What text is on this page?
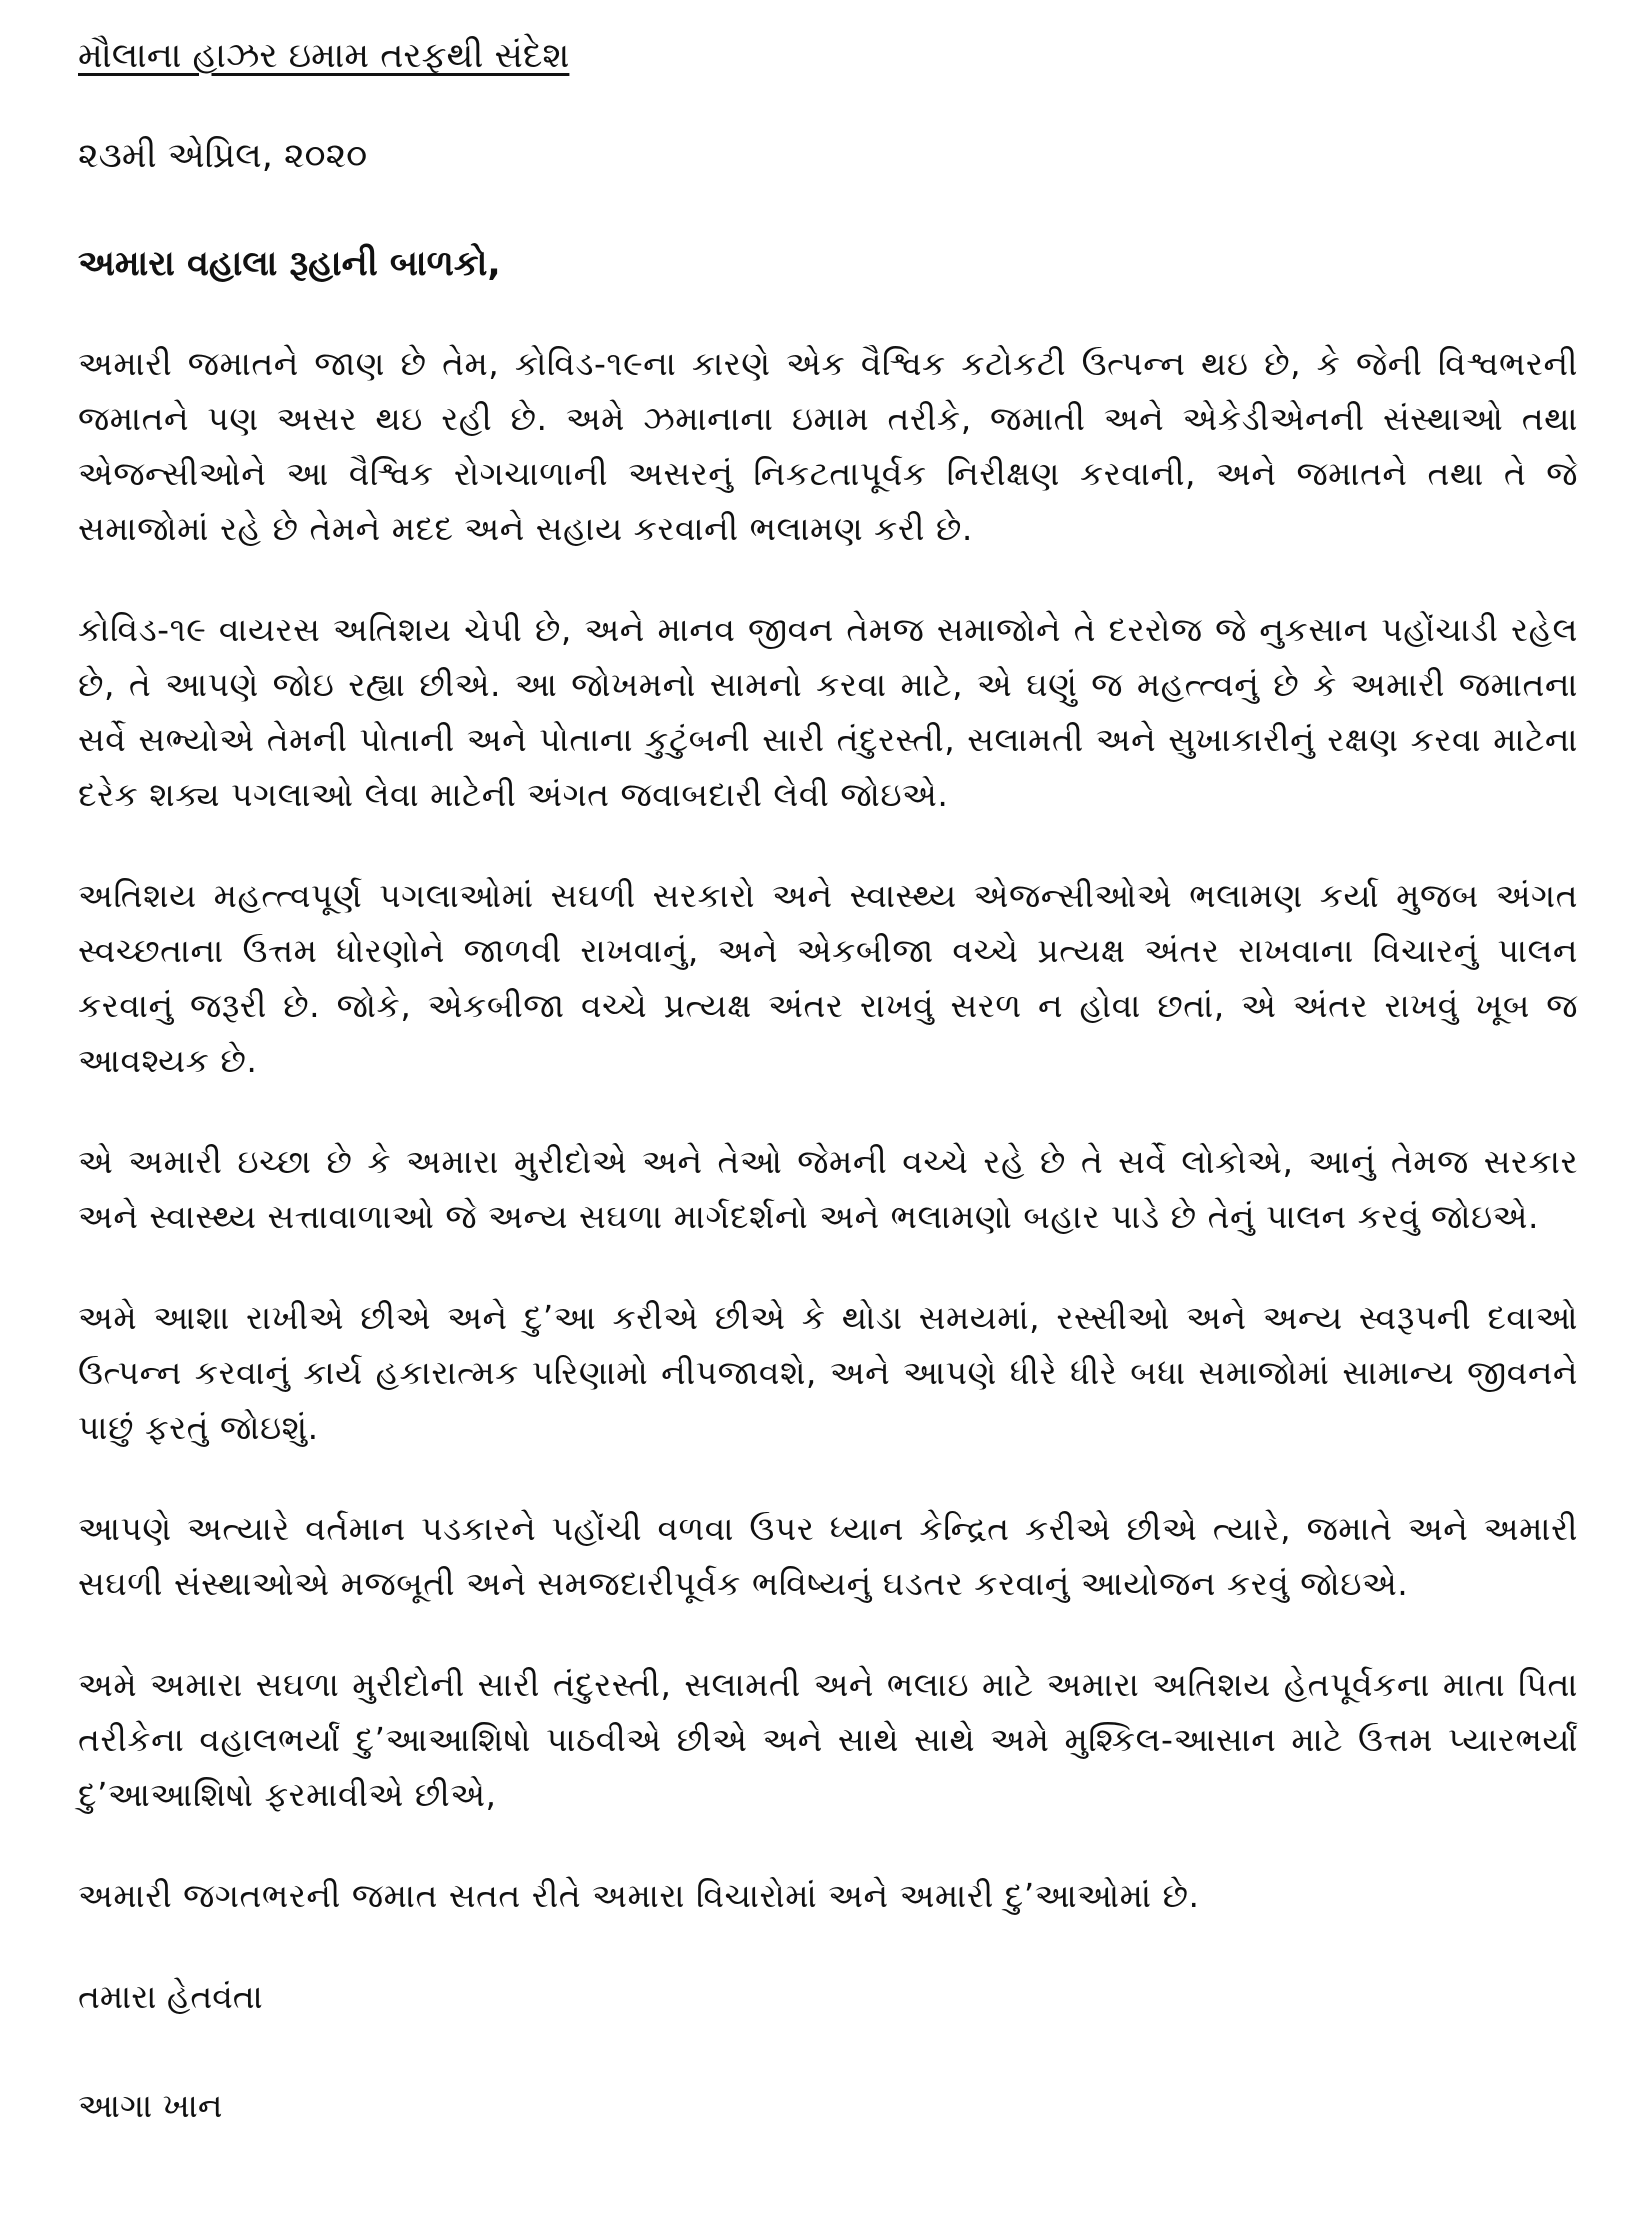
મૌલાના હાઝર ઇમામ તરફથી સંદેશ

૨૩મી એપ્રિલ, ૨૦૨૦

અમારા વહાલા રૂહાની બાળકો,

અમારી જમાતને જાણ છે તેમ, કોવિડ-૧૯ના કારણે એક વૈશ્વિક કટોકટી ઉત્પન્ન થઇ છે, કે જેની વિશ્વભરની જમાતને પણ અસર થઇ રહી છે. અમે ઝમાનાના ઇમામ તરીકે, જમાતી અને એકેડીએનની સંસ્થાઓ તથા એજન્સીઓને આ વૈશ્વિક રોગચાળાની અસરનું નિકટતાપૂર્વક નિરીક્ષણ કરવાની, અને જમાતને તથા તે જે સમાજોમાં રહે છે તેમને મદદ અને સહાય કરવાની ભલામણ કરી છે.

કોવિડ-૧૯ વાયરસ અતિશય ચેપી છે, અને માનવ જીવન તેમજ સમાજોને તે દરરોજ જે નુકસાન પહોંચાડી રહેલ છે, તે આપણે જોઇ રહ્યા છીએ. આ જોખમનો સામનો કરવા માટે, એ ઘણું જ મહત્ત્વનું છે કે અમારી જમાતના સર્વે સભ્યોએ તેમની પોતાની અને પોતાના કુટુંબની સારી તંદુરસ્તી, સલામતી અને સુખાકારીનું રક્ષણ કરવા માટેના દરેક શક્ય પગલાઓ લેવા માટેની અંગત જવાબદારી લેવી જોઇએ.

અતિશય મહત્ત્વપૂર્ણ પગલાઓમાં સઘળી સરકારો અને સ્વાસ્થ્ય એજન્સીઓએ ભલામણ કર્યા મુજબ અંગત સ્વચ્છતાના ઉત્તમ ધોરણોને જાળવી રાખવાનું, અને એકબીજા વચ્ચે પ્રત્યક્ષ અંતર રાખવાના વિચારનું પાલન કરવાનું જરૂરી છે. જોકે, એકબીજા વચ્ચે પ્રત્યક્ષ અંતર રાખવું સરળ ન હોવા છતાં, એ અંતર રાખવું ખૂબ જ આવશ્યક છે.

એ અમારી ઇચ્છા છે કે અમારા મુરીદોએ અને તેઓ જેમની વચ્ચે રહે છે તે સર્વે લોકોએ, આનું તેમજ સરકાર અને સ્વાસ્થ્ય સત્તાવાળાઓ જે અન્ય સઘળા માર્ગદર્શનો અને ભલામણો બહાર પાડે છે તેનું પાલન કરવું જોઇએ.

અમે આશા રાખીએ છીએ અને દુ’આ કરીએ છીએ કે થોડા સમયમાં, રસ્સીઓ અને અન્ય સ્વરૂપની દવાઓ ઉત્પન્ન કરવાનું કાર્ય હકારાત્મક પરિણામો નીપજાવશે, અને આપણે ધીરે ધીરે બધા સમાજોમાં સામાન્ય જીવનને પાછું ફરતું જોઇશું.

આપણે અત્યારે વર્તમાન પડકારને પહોંચી વળવા ઉપર ધ્યાન કેન્દ્રિત કરીએ છીએ ત્યારે, જમાતે અને અમારી સઘળી સંસ્થાઓએ મજબૂતી અને સમજદારીપૂર્વક ભવિષ્યનું ઘડતર કરવાનું આયોજન કરવું જોઇએ.

અમે અમારા સઘળા મુરીદોની સારી તંદુરસ્તી, સલામતી અને ભલાઇ માટે અમારા અતિશય હેતપૂર્વકના માતા પિતા તરીકેના વહાલભર્યાં દુ’આઆશિષો પાઠવીએ છીએ અને સાથે સાથે અમે મુશ્કિલ-આસાન માટે ઉત્તમ પ્યારભર્યાં દુ’આઆશિષો ફરમાવીએ છીએ,

અમારી જગતભરની જમાત સતત રીતે અમારા વિચારોમાં અને અમારી દુ’આઓમાં છે.

તમારા હેતવંતા

આગા ખાન
